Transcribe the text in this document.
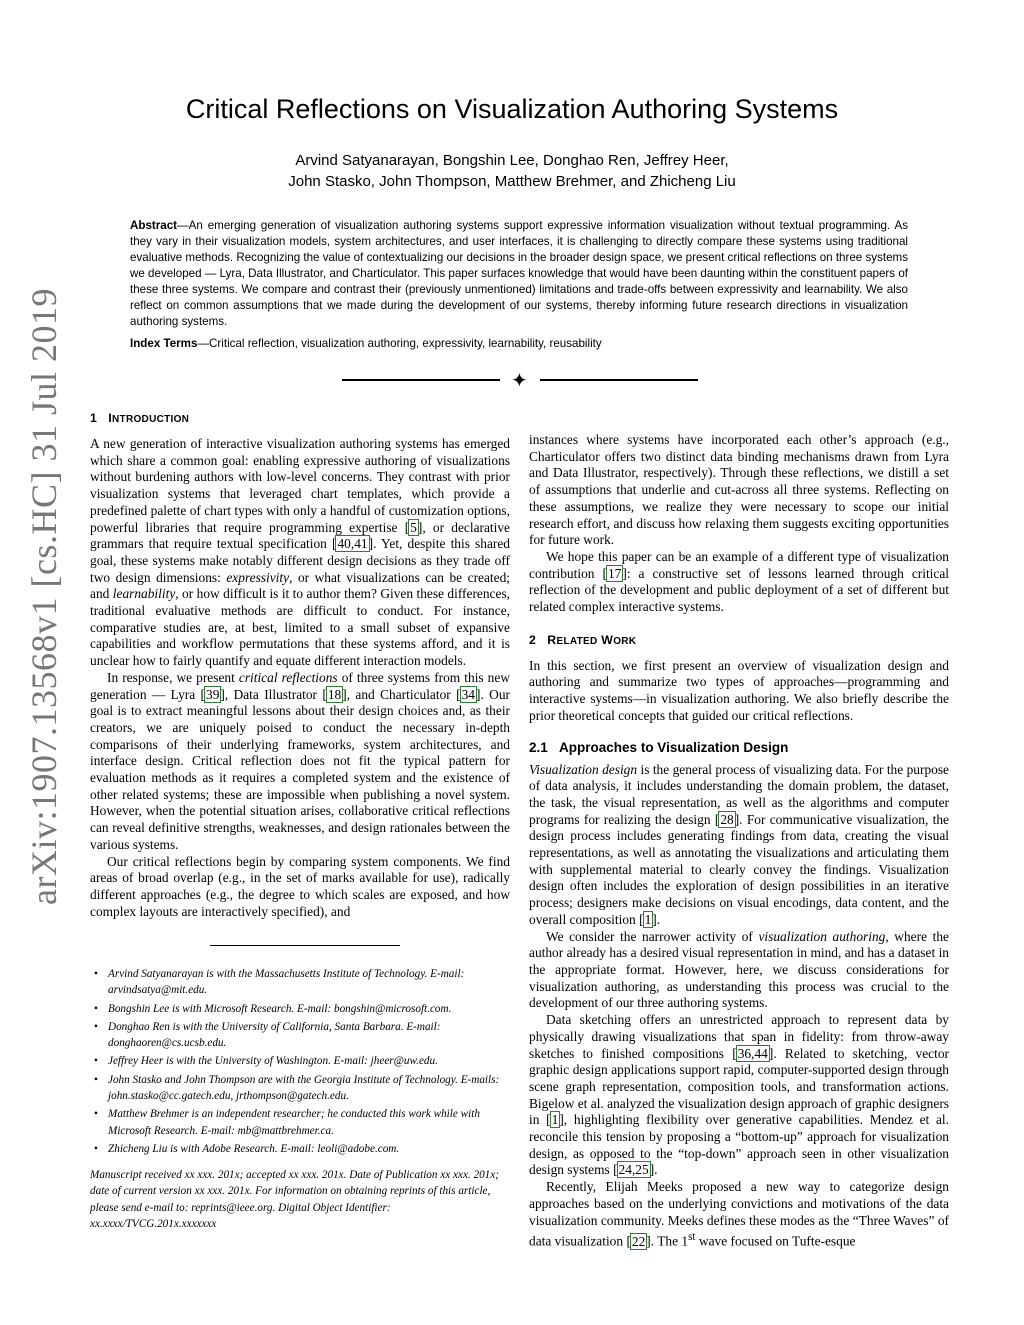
arXiv:1907.13568v1 [cs.HC] 31 Jul 2019
Critical Reflections on Visualization Authoring Systems
Arvind Satyanarayan, Bongshin Lee, Donghao Ren, Jeffrey Heer,
John Stasko, John Thompson, Matthew Brehmer, and Zhicheng Liu
Abstract—An emerging generation of visualization authoring systems support expressive information visualization without textual programming. As they vary in their visualization models, system architectures, and user interfaces, it is challenging to directly compare these systems using traditional evaluative methods. Recognizing the value of contextualizing our decisions in the broader design space, we present critical reflections on three systems we developed — Lyra, Data Illustrator, and Charticulator. This paper surfaces knowledge that would have been daunting within the constituent papers of these three systems. We compare and contrast their (previously unmentioned) limitations and trade-offs between expressivity and learnability. We also reflect on common assumptions that we made during the development of our systems, thereby informing future research directions in visualization authoring systems.
Index Terms—Critical reflection, visualization authoring, expressivity, learnability, reusability
✦
1 INTRODUCTION

A new generation of interactive visualization authoring systems has emerged which share a common goal: enabling expressive authoring of visualizations without burdening authors with low-level concerns. They contrast with prior visualization systems that leveraged chart templates, which provide a predefined palette of chart types with only a handful of customization options, powerful libraries that require programming expertise [5], or declarative grammars that require textual specification [40,41]. Yet, despite this shared goal, these systems make notably different design decisions as they trade off two design dimensions: expressivity, or what visualizations can be created; and learnability, or how difficult is it to author them? Given these differences, traditional evaluative methods are difficult to conduct. For instance, comparative studies are, at best, limited to a small subset of expansive capabilities and workflow permutations that these systems afford, and it is unclear how to fairly quantify and equate different interaction models.

In response, we present critical reflections of three systems from this new generation — Lyra [39], Data Illustrator [18], and Charticulator [34]. Our goal is to extract meaningful lessons about their design choices and, as their creators, we are uniquely poised to conduct the necessary in-depth comparisons of their underlying frameworks, system architectures, and interface design. Critical reflection does not fit the typical pattern for evaluation methods as it requires a completed system and the existence of other related systems; these are impossible when publishing a novel system. However, when the potential situation arises, collaborative critical reflections can reveal definitive strengths, weaknesses, and design rationales between the various systems.

Our critical reflections begin by comparing system components. We find areas of broad overlap (e.g., in the set of marks available for use), radically different approaches (e.g., the degree to which scales are exposed, and how complex layouts are interactively specified), and

instances where systems have incorporated each other’s approach (e.g., Charticulator offers two distinct data binding mechanisms drawn from Lyra and Data Illustrator, respectively). Through these reflections, we distill a set of assumptions that underlie and cut-across all three systems. Reflecting on these assumptions, we realize they were necessary to scope our initial research effort, and discuss how relaxing them suggests exciting opportunities for future work.

We hope this paper can be an example of a different type of visualization contribution [17]: a constructive set of lessons learned through critical reflection of the development and public deployment of a set of different but related complex interactive systems.

2 RELATED WORK

In this section, we first present an overview of visualization design and authoring and summarize two types of approaches—programming and interactive systems—in visualization authoring. We also briefly describe the prior theoretical concepts that guided our critical reflections.

2.1 Approaches to Visualization Design

Visualization design is the general process of visualizing data. For the purpose of data analysis, it includes understanding the domain problem, the dataset, the task, the visual representation, as well as the algorithms and computer programs for realizing the design [28]. For communicative visualization, the design process includes generating findings from data, creating the visual representations, as well as annotating the visualizations and articulating them with supplemental material to clearly convey the findings. Visualization design often includes the exploration of design possibilities in an iterative process; designers make decisions on visual encodings, data content, and the overall composition [1].

We consider the narrower activity of visualization authoring, where the author already has a desired visual representation in mind, and has a dataset in the appropriate format. However, here, we discuss considerations for visualization authoring, as understanding this process was crucial to the development of our three authoring systems.

Data sketching offers an unrestricted approach to represent data by physically drawing visualizations that span in fidelity: from throw-away sketches to finished compositions [36,44]. Related to sketching, vector graphic design applications support rapid, computer-supported design through scene graph representation, composition tools, and transformation actions. Bigelow et al. analyzed the visualization design approach of graphic designers in [1], highlighting flexibility over generative capabilities. Mendez et al. reconcile this tension by proposing a “bottom-up” approach for visualization design, as opposed to the “top-down” approach seen in other visualization design systems [24,25].

Recently, Elijah Meeks proposed a new way to categorize design approaches based on the underlying convictions and motivations of the data visualization community. Meeks defines these modes as the “Three Waves” of data visualization [22]. The 1st wave focused on Tufte-esque

• Arvind Satyanarayan is with the Massachusetts Institute of Technology. E-mail: arvindsatya@mit.edu.
• Bongshin Lee is with Microsoft Research. E-mail: bongshin@microsoft.com.
• Donghao Ren is with the University of California, Santa Barbara. E-mail: donghaoren@cs.ucsb.edu.
• Jeffrey Heer is with the University of Washington. E-mail: jheer@uw.edu.
• John Stasko and John Thompson are with the Georgia Institute of Technology. E-mails: john.stasko@cc.gatech.edu, jrthompson@gatech.edu.
• Matthew Brehmer is an independent researcher; he conducted this work while with Microsoft Research. E-mail: mb@mattbrehmer.ca.
• Zhicheng Liu is with Adobe Research. E-mail: leoli@adobe.com.
Manuscript received xx xxx. 201x; accepted xx xxx. 201x. Date of Publication xx xxx. 201x; date of current version xx xxx. 201x. For information on obtaining reprints of this article, please send e-mail to: reprints@ieee.org. Digital Object Identifier: xx.xxxx/TVCG.201x.xxxxxxx
